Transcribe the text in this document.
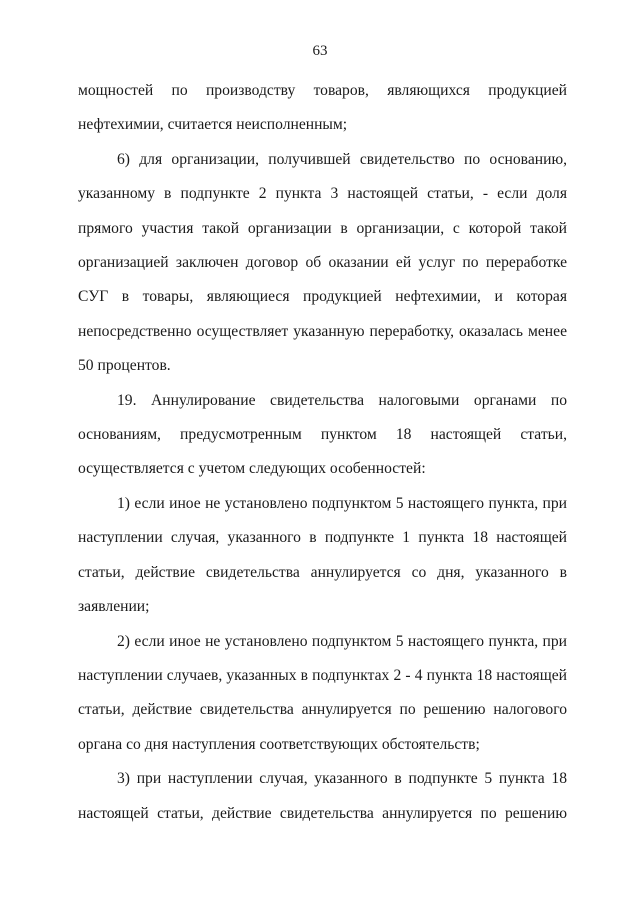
63

мощностей по производству товаров, являющихся продукцией нефтехимии, считается неисполненным;

6) для организации, получившей свидетельство по основанию, указанному в подпункте 2 пункта 3 настоящей статьи, - если доля прямого участия такой организации в организации, с которой такой организацией заключен договор об оказании ей услуг по переработке СУГ в товары, являющиеся продукцией нефтехимии, и которая непосредственно осуществляет указанную переработку, оказалась менее 50 процентов.

19. Аннулирование свидетельства налоговыми органами по основаниям, предусмотренным пунктом 18 настоящей статьи, осуществляется с учетом следующих особенностей:

1) если иное не установлено подпунктом 5 настоящего пункта, при наступлении случая, указанного в подпункте 1 пункта 18 настоящей статьи, действие свидетельства аннулируется со дня, указанного в заявлении;

2) если иное не установлено подпунктом 5 настоящего пункта, при наступлении случаев, указанных в подпунктах 2 - 4 пункта 18 настоящей статьи, действие свидетельства аннулируется по решению налогового органа со дня наступления соответствующих обстоятельств;

3) при наступлении случая, указанного в подпункте 5 пункта 18 настоящей статьи, действие свидетельства аннулируется по решению
